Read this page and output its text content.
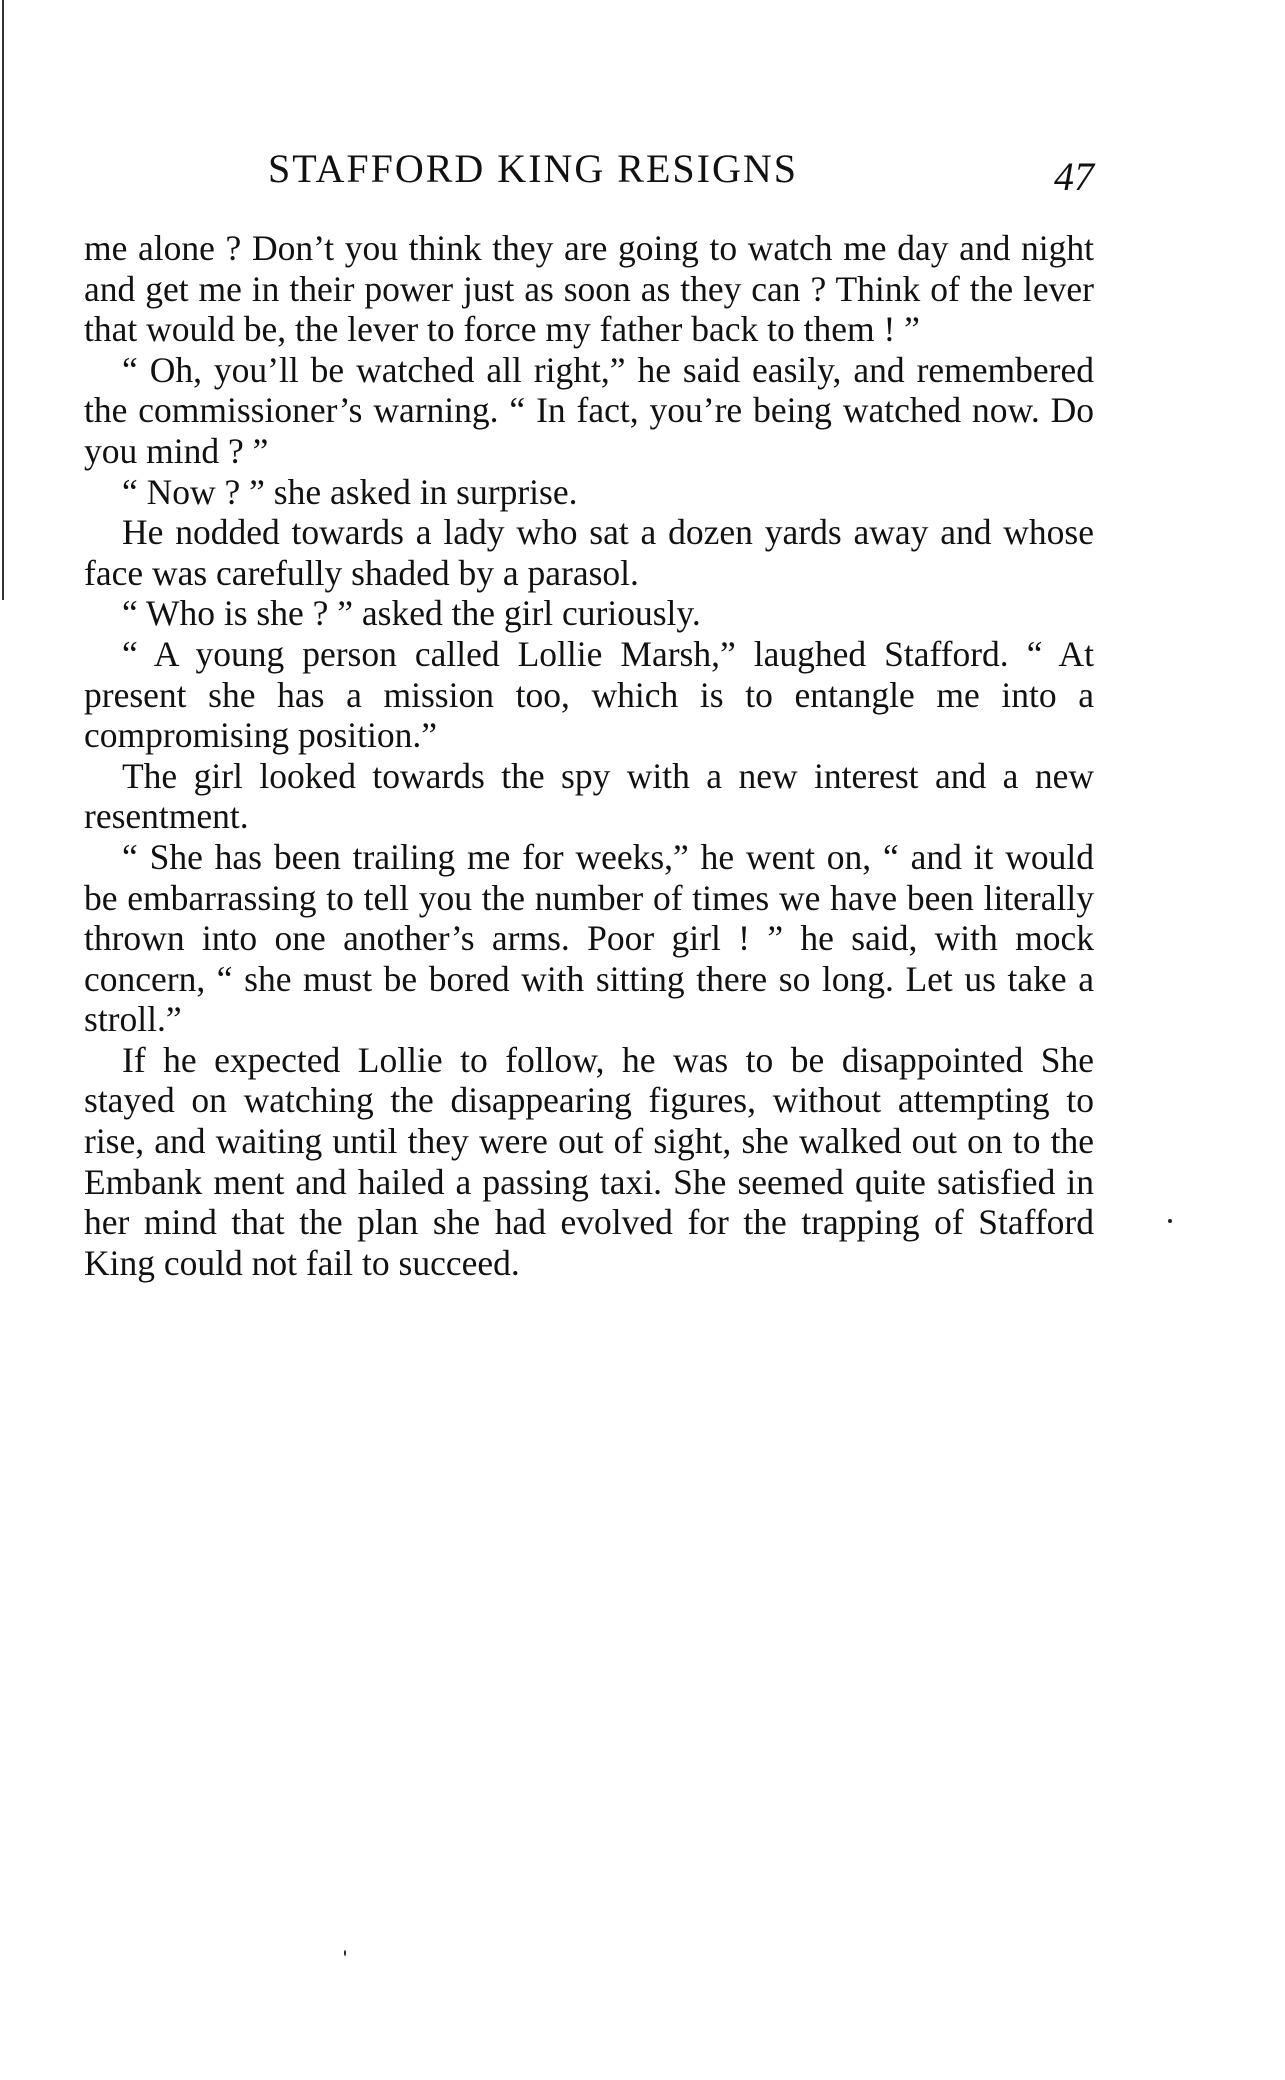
STAFFORD KING RESIGNS	47

me alone ? Don’t you think they are going to watch me day and night and get me in their power just as soon as they can ? Think of the lever that would be, the lever to force my father back to them ! ”

“ Oh, you’ll be watched all right,” he said easily, and remembered the commissioner’s warning. “ In fact, you’re being watched now. Do you mind ? ”

“ Now ? ” she asked in surprise.

He nodded towards a lady who sat a dozen yards away and whose face was carefully shaded by a parasol.

“ Who is she ? ” asked the girl curiously.

“ A young person called Lollie Marsh,” laughed Stafford. “ At present she has a mission too, which is to entangle me into a compromising position.”

The girl looked towards the spy with a new interest and a new resentment.

“ She has been trailing me for weeks,” he went on, “ and it would be embarrassing to tell you the number of times we have been literally thrown into one another’s arms. Poor girl ! ” he said, with mock concern, “ she must be bored with sitting there so long. Let us take a stroll.”

If he expected Lollie to follow, he was to be disappointed She stayed on watching the disappearing figures, without attempting to rise, and waiting until they were out of sight, she walked out on to the Embank ment and hailed a passing taxi. She seemed quite satisfied in her mind that the plan she had evolved for the trapping of Stafford King could not fail to succeed.
